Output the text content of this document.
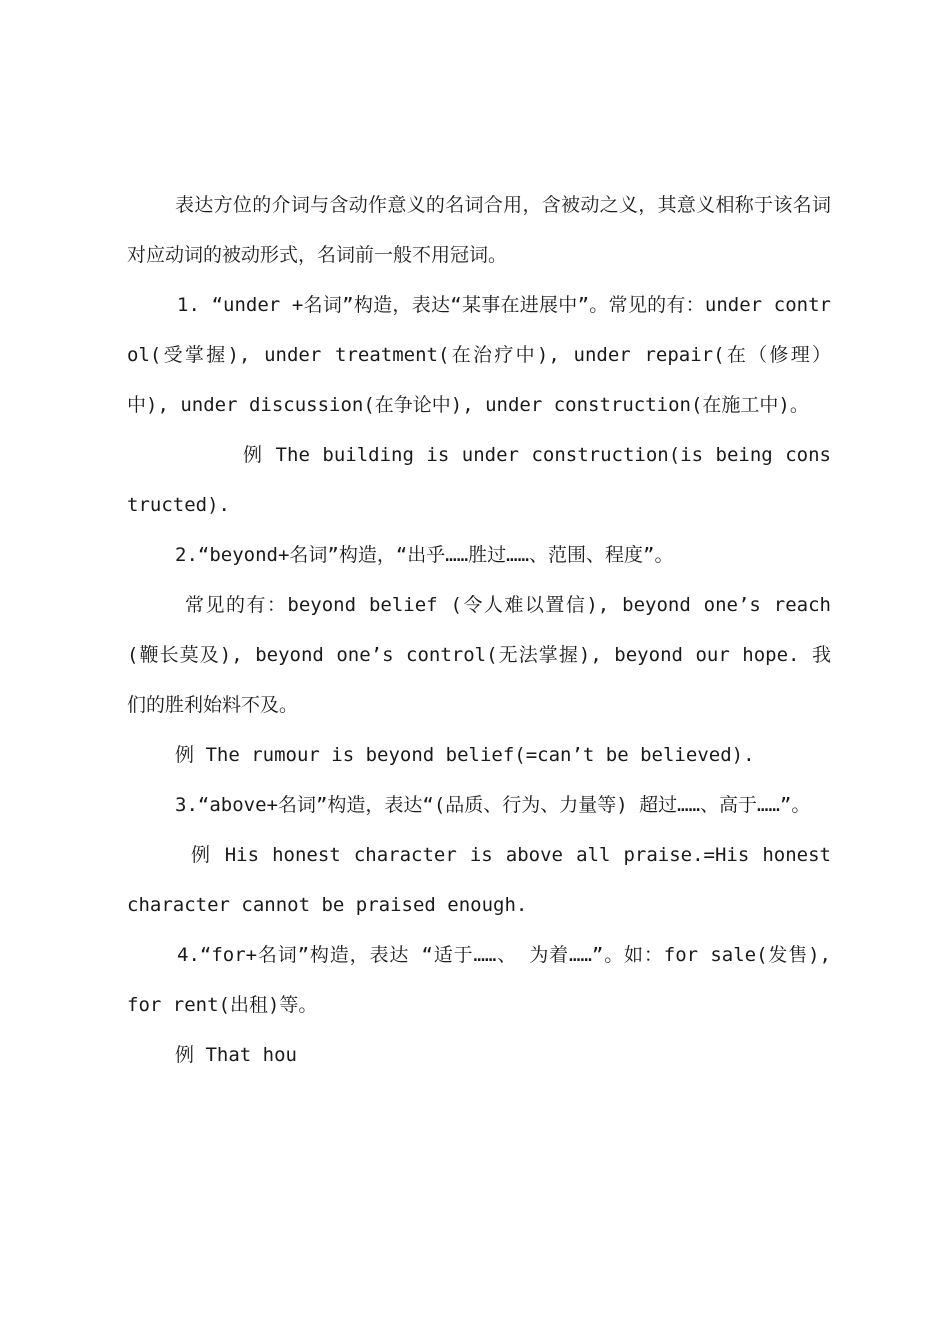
表达方位的介词与含动作意义的名词合用，含被动之义，其意义相称于该名词对应动词的被动形式，名词前一般不用冠词。

1. “under +名词”构造，表达“某事在进展中”。常见的有：under control(受掌握), under treatment(在治疗中), under repair(在（修理）中), under discussion(在争论中), under construction(在施工中)。

例 The building is under construction(is being constructed).

2.“beyond+名词”构造，“出乎……胜过……、范围、程度”。

常见的有：beyond belief (令人难以置信), beyond one’s reach(鞭长莫及), beyond one’s control(无法掌握), beyond our hope. 我们的胜利始料不及。

例 The rumour is beyond belief(=can’t be believed).

3.“above+名词”构造，表达“(品质、行为、力量等) 超过……、高于……”。

例 His honest character is above all praise.=His honest character cannot be praised enough.

4.“for+名词”构造，表达 “适于……、 为着……”。如：for sale(发售), for rent(出租)等。

例 That hou
